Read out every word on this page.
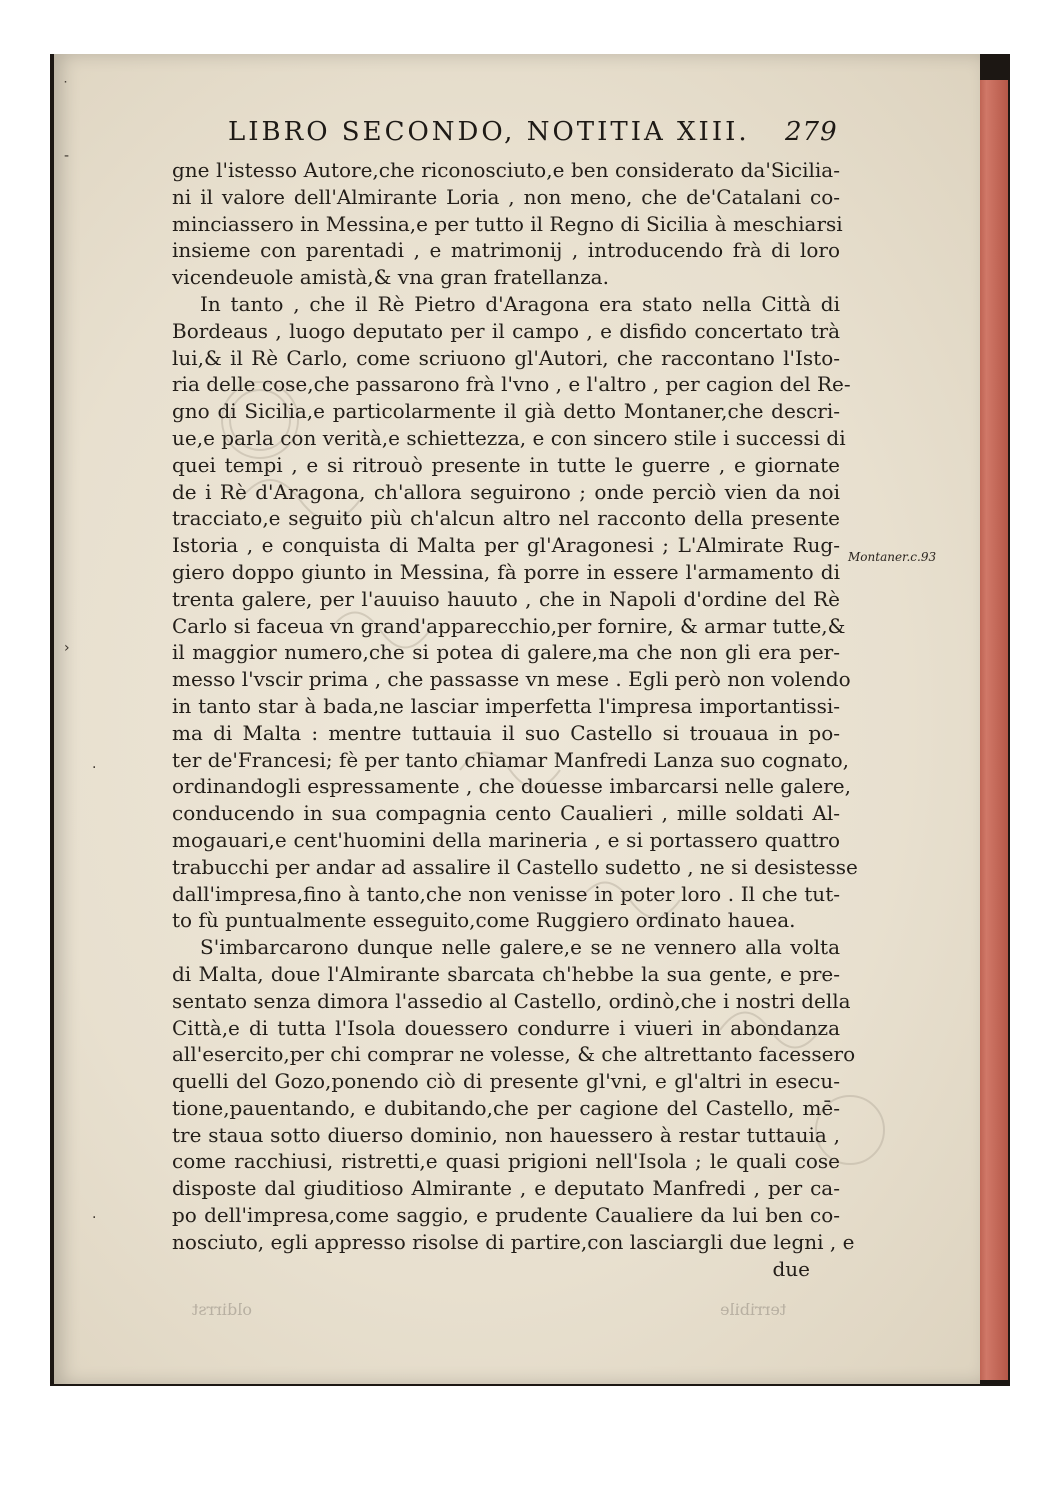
LIBRO SECONDO, NOTITIA XIII. 279
gne l'istesso Autore,che riconosciuto,e ben considerato da'Sicilia-
ni il valore dell'Almirante Loria , non meno, che de'Catalani co-
minciassero in Messina,e per tutto il Regno di Sicilia à meschiarsi
insieme con parentadi , e matrimonij , introducendo frà di loro
vicendeuole amistà,& vna gran fratellanza.
In tanto , che il Rè Pietro d'Aragona era stato nella Città di
Bordeaus , luogo deputato per il campo , e disfido concertato trà
lui,& il Rè Carlo, come scriuono gl'Autori, che raccontano l'Isto-
ria delle cose,che passarono frà l'vno , e l'altro , per cagion del Re-
gno di Sicilia,e particolarmente il già detto Montaner,che descri-
ue,e parla con verità,e schiettezza, e con sincero stile i successi di
quei tempi , e si ritrouò presente in tutte le guerre , e giornate
de i Rè d'Aragona, ch'allora seguirono ; onde perciò vien da noi
tracciato,e seguito più ch'alcun altro nel racconto della presente
Istoria , e conquista di Malta per gl'Aragonesi ; L'Almirate Rug-
giero doppo giunto in Messina, fà porre in essere l'armamento di
trenta galere, per l'auuiso hauuto , che in Napoli d'ordine del Rè
Carlo si faceua vn grand'apparecchio,per fornire, & armar tutte,&
il maggior numero,che si potea di galere,ma che non gli era per-
messo l'vscir prima , che passasse vn mese . Egli però non volendo
in tanto star à bada,ne lasciar imperfetta l'impresa importantissi-
ma di Malta : mentre tuttauia il suo Castello si trouaua in po-
ter de'Francesi; fè per tanto chiamar Manfredi Lanza suo cognato,
ordinandogli espressamente , che douesse imbarcarsi nelle galere,
conducendo in sua compagnia cento Caualieri , mille soldati Al-
mogauari,e cent'huomini della marineria , e si portassero quattro
trabucchi per andar ad assalire il Castello sudetto , ne si desistesse
dall'impresa,fino à tanto,che non venisse in poter loro . Il che tut-
to fù puntualmente esseguito,come Ruggiero ordinato hauea.
S'imbarcarono dunque nelle galere,e se ne vennero alla volta
di Malta, doue l'Almirante sbarcata ch'hebbe la sua gente, e pre-
sentato senza dimora l'assedio al Castello, ordinò,che i nostri della
Città,e di tutta l'Isola douessero condurre i viueri in abondanza
all'esercito,per chi comprar ne volesse, & che altrettanto facessero
quelli del Gozo,ponendo ciò di presente gl'vni, e gl'altri in esecu-
tione,pauentando, e dubitando,che per cagione del Castello, mē-
tre staua sotto diuerso dominio, non hauessero à restar tuttauia ,
come racchiusi, ristretti,e quasi prigioni nell'Isola ; le quali cose
disposte dal giuditioso Almirante , e deputato Manfredi , per ca-
po dell'impresa,come saggio, e prudente Caualiere da lui ben co-
nosciuto, egli appresso risolse di partire,con lasciargli due legni , e
due
Montaner.c.93
oldirrst	terribile
˙
-
›
·
·
